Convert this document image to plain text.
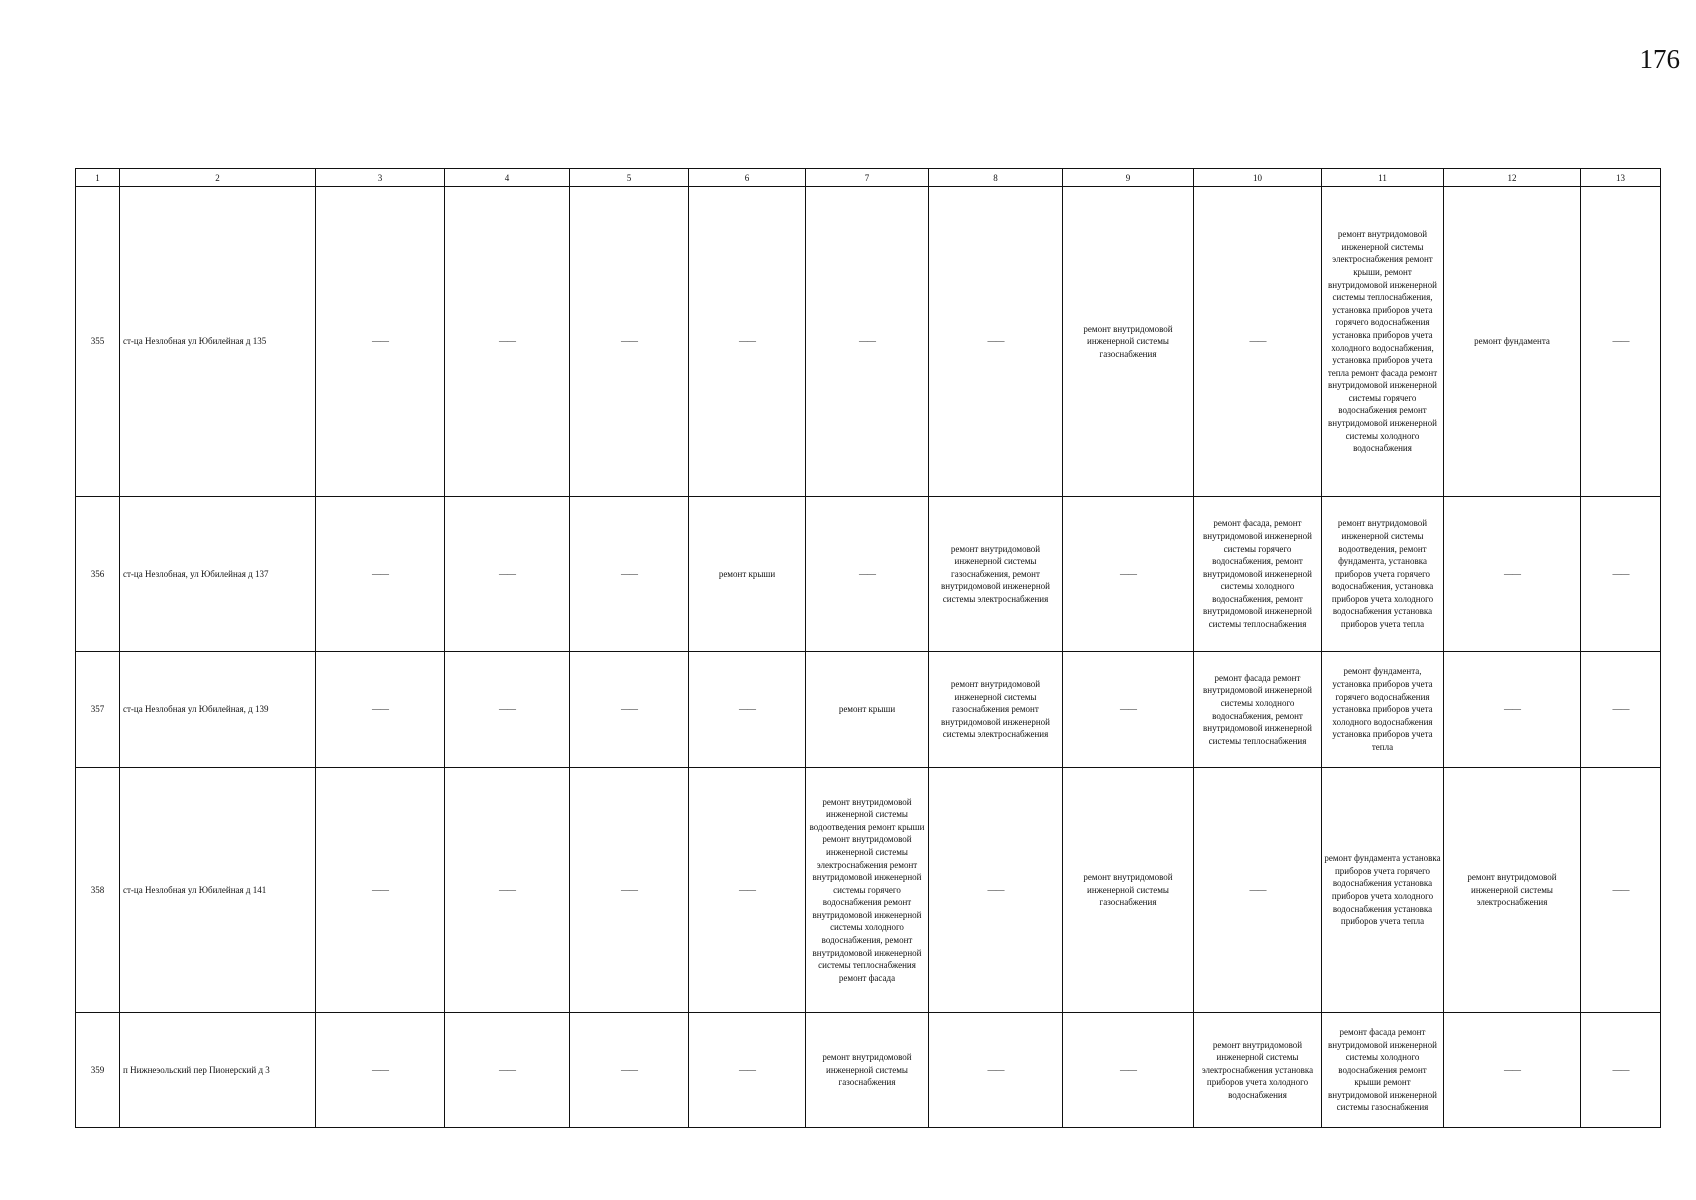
176
1	2	3	4	5	6	7	8	9	10	11	12	13
355	ст-ца Незлобная ул Юбилейная д 135	——	——	——	——	——	——	ремонт внутридомовой инженерной системы газоснабжения	——	ремонт внутридомовой инженерной системы электроснабжения ремонт крыши, ремонт внутридомовой инженерной системы теплоснабжения, установка приборов учета горячего водоснабжения установка приборов учета холодного водоснабжения, установка приборов учета тепла ремонт фасада ремонт внутридомовой инженерной системы горячего водоснабжения ремонт внутридомовой инженерной системы холодного водоснабжения	ремонт фундамента	——
356	ст-ца Незлобная, ул Юбилейная д 137	——	——	——	ремонт крыши	——	ремонт внутридомовой инженерной системы газоснабжения, ремонт внутридомовой инженерной системы электроснабжения	——	ремонт фасада, ремонт внутридомовой инженерной системы горячего водоснабжения, ремонт внутридомовой инженерной системы холодного водоснабжения, ремонт внутридомовой инженерной системы теплоснабжения	ремонт внутридомовой инженерной системы водоотведения, ремонт фундамента, установка приборов учета горячего водоснабжения, установка приборов учета холодного водоснабжения установка приборов учета тепла	——	——
357	ст-ца Незлобная ул Юбилейная, д 139	——	——	——	——	ремонт крыши	ремонт внутридомовой инженерной системы газоснабжения ремонт внутридомовой инженерной системы электроснабжения	——	ремонт фасада ремонт внутридомовой инженерной системы холодного водоснабжения, ремонт внутридомовой инженерной системы теплоснабжения	ремонт фундамента, установка приборов учета горячего водоснабжения установка приборов учета холодного водоснабжения установка приборов учета тепла	——	——
358	ст-ца Незлобная ул Юбилейная д 141	——	——	——	——	ремонт внутридомовой инженерной системы водоотведения ремонт крыши ремонт внутридомовой инженерной системы электроснабжения ремонт внутридомовой инженерной системы горячего водоснабжения ремонт внутридомовой инженерной системы холодного водоснабжения, ремонт внутридомовой инженерной системы теплоснабжения ремонт фасада	——	ремонт внутридомовой инженерной системы газоснабжения	——	ремонт фундамента установка приборов учета горячего водоснабжения установка приборов учета холодного водоснабжения установка приборов учета тепла	ремонт внутридомовой инженерной системы электроснабжения	——
359	п Нижнеэольский пер Пионерский д 3	——	——	——	——	ремонт внутридомовой инженерной системы газоснабжения	——	——	ремонт внутридомовой инженерной системы электроснабжения установка приборов учета холодного водоснабжения	ремонт фасада ремонт внутридомовой инженерной системы холодного водоснабжения ремонт крыши ремонт внутридомовой инженерной системы газоснабжения	——	——
